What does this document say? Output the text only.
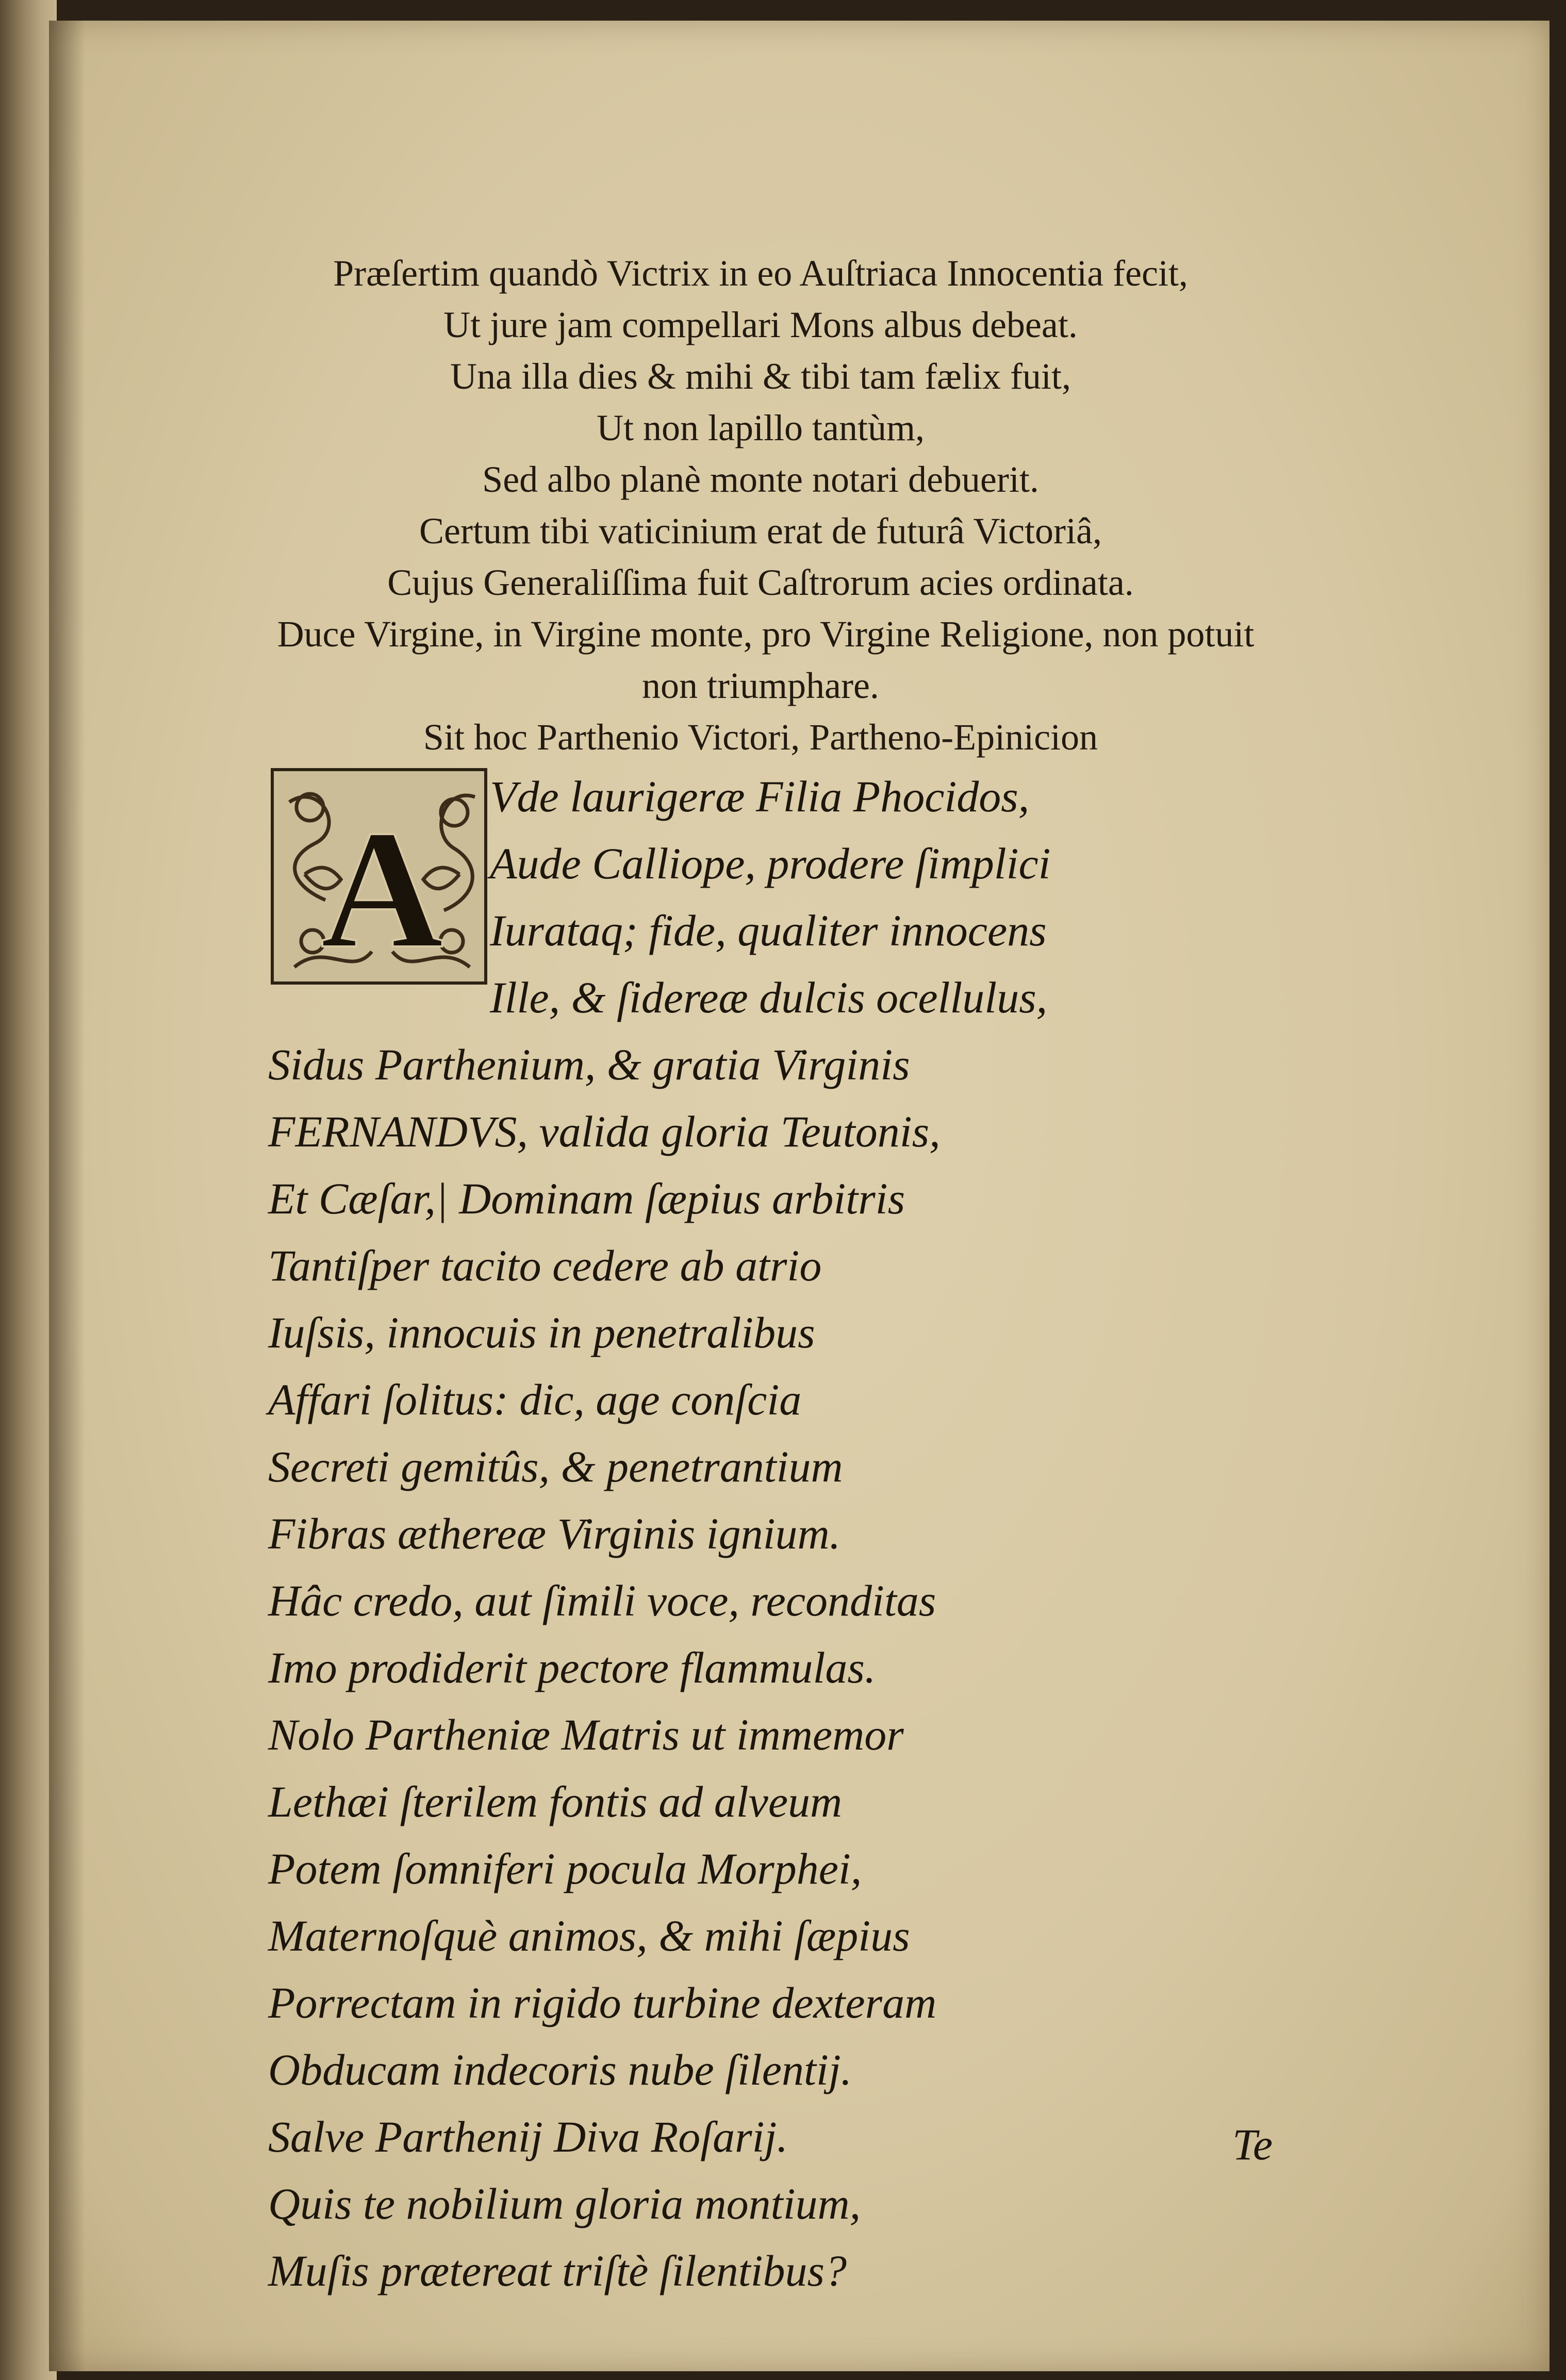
Præſertim quandò Victrix in eo Auſtriaca Innocentia fecit,
Ut jure jam compellari Mons albus debeat.
Una illa dies & mihi & tibi tam fælix fuit,
Ut non lapillo tantùm,
Sed albo planè monte notari debuerit.
Certum tibi vaticinium erat de futurâ Victoriâ,
Cujus Generaliſſima fuit Caſtrorum acies ordinata.
Duce Virgine, in Virgine monte, pro Virgine Religione, non potuit
non triumphare.
Sit hoc Parthenio Victori, Partheno-Epinicion
A	Vde laurigeræ Filia Phocidos,
Aude Calliope, prodere ſimplici
Iurataq; fide, qualiter innocens
Ille, & ſidereæ dulcis ocellulus,
Sidus Parthenium, & gratia Virginis
FERNANDVS, valida gloria Teutonis,
Et Cæſar,| Dominam ſæpius arbitris
Tantiſper tacito cedere ab atrio
Iuſsis, innocuis in penetralibus
Affari ſolitus: dic, age conſcia
Secreti gemitûs, & penetrantium
Fibras æthereæ Virginis ignium.
Hâc credo, aut ſimili voce, reconditas
Imo prodiderit pectore flammulas.
Nolo Partheniæ Matris ut immemor
Lethæi ſterilem fontis ad alveum
Potem ſomniferi pocula Morphei,
Maternoſquè animos, & mihi ſæpius
Porrectam in rigido turbine dexteram
Obducam indecoris nube ſilentij.
Salve Parthenij Diva Roſarij.
Quis te nobilium gloria montium,
Muſis prætereat triſtè ſilentibus?
Te
